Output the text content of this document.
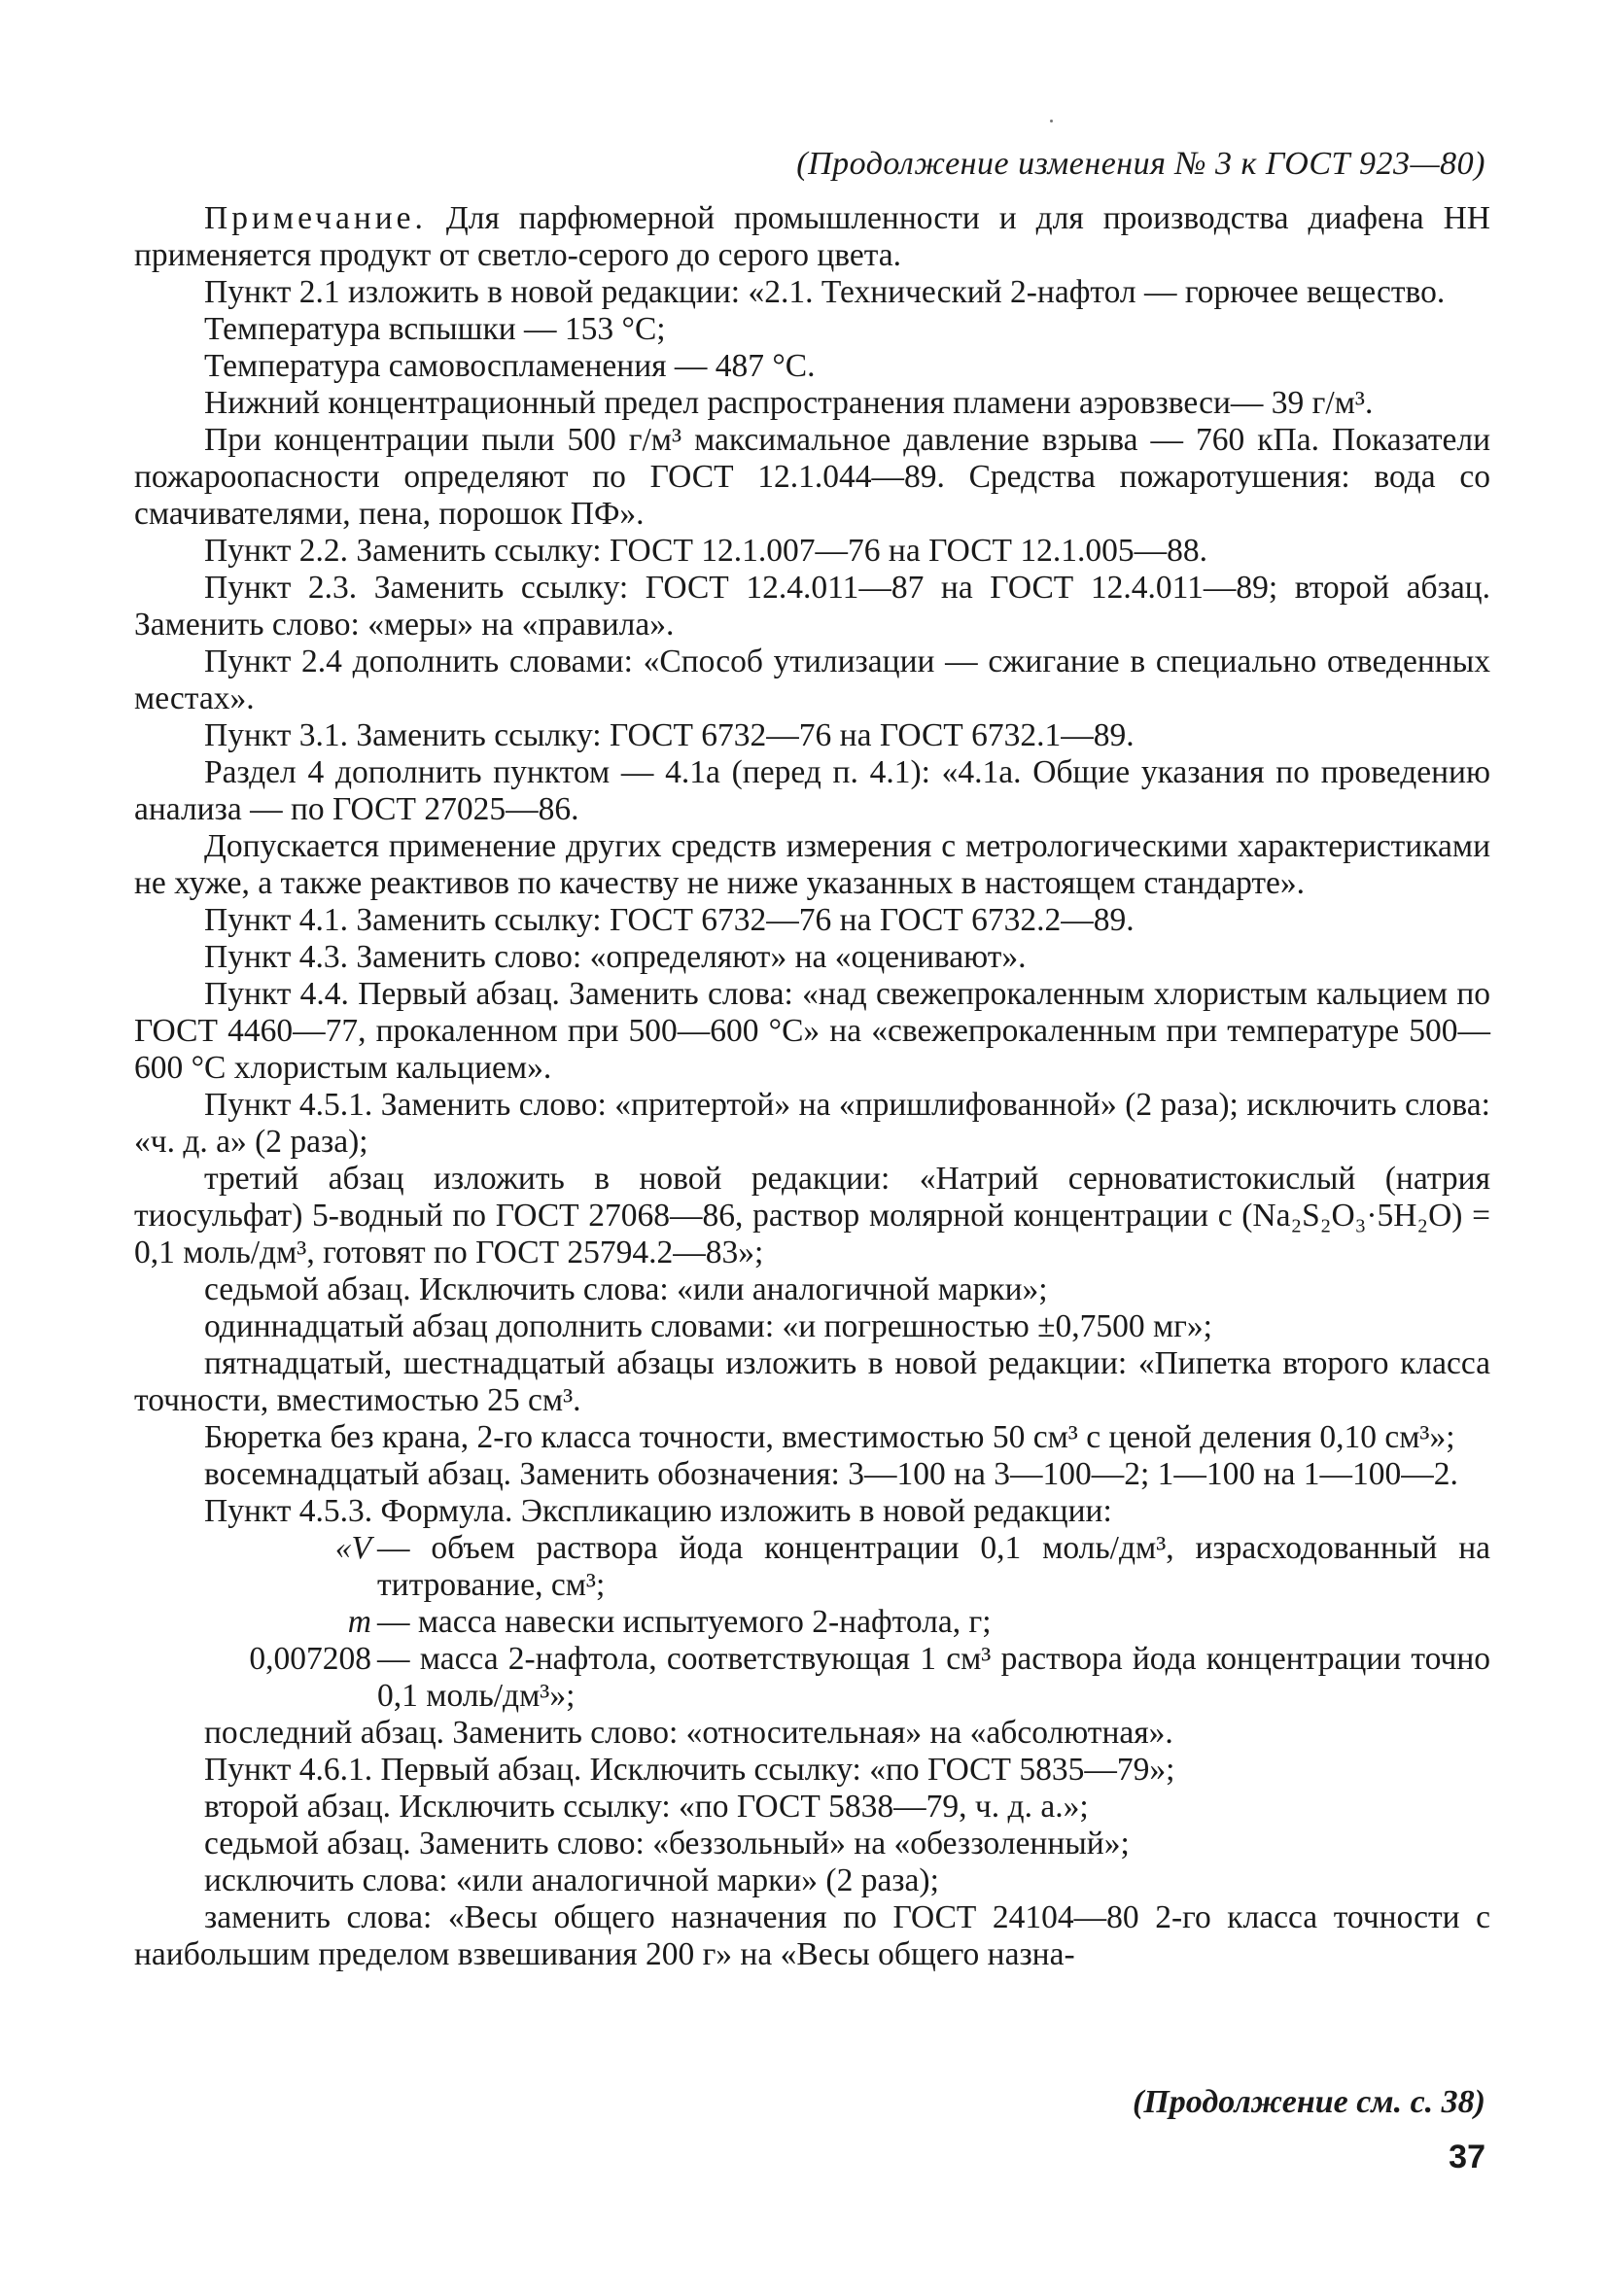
(Продолжение изменения № 3 к ГОСТ 923—80)

Примечание. Для парфюмерной промышленности и для производства диафена НН применяется продукт от светло-серого до серого цвета.

Пункт 2.1 изложить в новой редакции: «2.1. Технический 2-нафтол — горючее вещество.

Температура вспышки — 153 °С;

Температура самовоспламенения — 487 °С.

Нижний концентрационный предел распространения пламени аэровзвеси— 39 г/м³.

При концентрации пыли 500 г/м³ максимальное давление взрыва — 760 кПа. Показатели пожароопасности определяют по ГОСТ 12.1.044—89. Средства пожаротушения: вода со смачивателями, пена, порошок ПФ».

Пункт 2.2. Заменить ссылку: ГОСТ 12.1.007—76 на ГОСТ 12.1.005—88.

Пункт 2.3. Заменить ссылку: ГОСТ 12.4.011—87 на ГОСТ 12.4.011—89; второй абзац. Заменить слово: «меры» на «правила».

Пункт 2.4 дополнить словами: «Способ утилизации — сжигание в специально отведенных местах».

Пункт 3.1. Заменить ссылку: ГОСТ 6732—76 на ГОСТ 6732.1—89.

Раздел 4 дополнить пунктом — 4.1а (перед п. 4.1): «4.1а. Общие указания по проведению анализа — по ГОСТ 27025—86.

Допускается применение других средств измерения с метрологическими характеристиками не хуже, а также реактивов по качеству не ниже указанных в настоящем стандарте».

Пункт 4.1. Заменить ссылку: ГОСТ 6732—76 на ГОСТ 6732.2—89.

Пункт 4.3. Заменить слово: «определяют» на «оценивают».

Пункт 4.4. Первый абзац. Заменить слова: «над свежепрокаленным хлористым кальцием по ГОСТ 4460—77, прокаленном при 500—600 °С» на «свежепрокаленным при температуре 500—600 °С хлористым кальцием».

Пункт 4.5.1. Заменить слово: «притертой» на «пришлифованной» (2 раза); исключить слова: «ч. д. а» (2 раза);

третий абзац изложить в новой редакции: «Натрий серноватистокислый (натрия тиосульфат) 5-водный по ГОСТ 27068—86, раствор молярной концентрации c (Na₂S₂O₃·5H₂O) = 0,1 моль/дм³, готовят по ГОСТ 25794.2—83»;

седьмой абзац. Исключить слова: «или аналогичной марки»;

одиннадцатый абзац дополнить словами: «и погрешностью ±0,7500 мг»;

пятнадцатый, шестнадцатый абзацы изложить в новой редакции: «Пипетка второго класса точности, вместимостью 25 см³.

Бюретка без крана, 2-го класса точности, вместимостью 50 см³ с ценой деления 0,10 см³»;

восемнадцатый абзац. Заменить обозначения: 3—100 на 3—100—2; 1—100 на 1—100—2.

Пункт 4.5.3. Формула. Экспликацию изложить в новой редакции:

«V — объем раствора йода концентрации 0,1 моль/дм³, израсходованный на титрование, см³;
m — масса навески испытуемого 2-нафтола, г;
0,007208 — масса 2-нафтола, соответствующая 1 см³ раствора йода концентрации точно 0,1 моль/дм³»;

последний абзац. Заменить слово: «относительная» на «абсолютная».

Пункт 4.6.1. Первый абзац. Исключить ссылку: «по ГОСТ 5835—79»;

второй абзац. Исключить ссылку: «по ГОСТ 5838—79, ч. д. а.»;

седьмой абзац. Заменить слово: «беззольный» на «обеззоленный»;

исключить слова: «или аналогичной марки» (2 раза);

заменить слова: «Весы общего назначения по ГОСТ 24104—80 2-го класса точности с наибольшим пределом взвешивания 200 г» на «Весы общего назна-

(Продолжение см. с. 38)
37
